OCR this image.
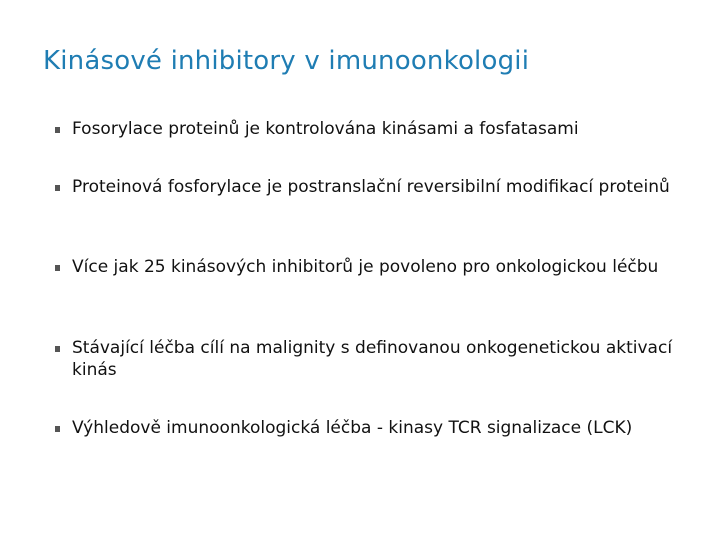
Kinásové inhibitory v imunoonkologii
Fosorylace proteinů je kontrolována kinásami a fosfatasami
Proteinová fosforylace je postranslační reversibilní modifikací proteinů
Více jak 25 kinásových inhibitorů je povoleno pro onkologickou léčbu
Stávající léčba cílí na malignity s definovanou onkogenetickou aktivací kinás
Výhledově imunoonkologická léčba - kinasy TCR signalizace (LCK)
